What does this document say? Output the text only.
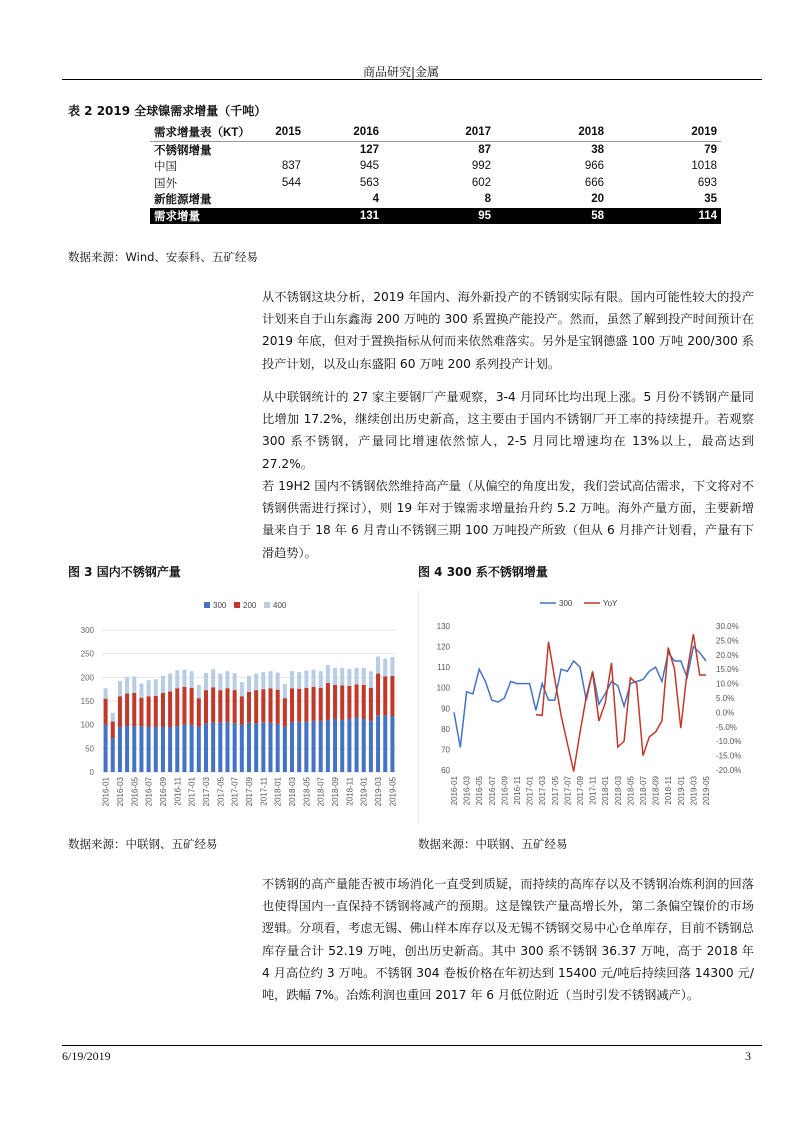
商品研究|金属
6/19/2019	3
表 2 2019 全球镍需求增量（千吨）
需求增量表（KT）	2015	2016	2017	2018	2019
不锈钢增量		127	87	38	79
中国	837	945	992	966	1018
国外	544	563	602	666	693
新能源增量		4	8	20	35
需求增量		131	95	58	114
数据来源：Wind、安泰科、五矿经易
从不锈钢这块分析，2019 年国内、海外新投产的不锈钢实际有限。国内可能性较大的投产计划来自于山东鑫海 200 万吨的 300 系置换产能投产。然而，虽然了解到投产时间预计在 2019 年底，但对于置换指标从何而来依然难落实。另外是宝钢德盛 100 万吨 200/300 系投产计划，以及山东盛阳 60 万吨 200 系列投产计划。
从中联钢统计的 27 家主要钢厂产量观察，3-4 月同环比均出现上涨。5 月份不锈钢产量同比增加 17.2%，继续创出历史新高，这主要由于国内不锈钢厂开工率的持续提升。若观察 300 系不锈钢，产量同比增速依然惊人，2-5 月同比增速均在 13%以上，最高达到 27.2%。
若 19H2 国内不锈钢依然维持高产量（从偏空的角度出发，我们尝试高估需求，下文将对不锈钢供需进行探讨），则 19 年对于镍需求增量抬升约 5.2 万吨。海外产量方面，主要新增量来自于 18 年 6 月青山不锈钢三期 100 万吨投产所致（但从 6 月排产计划看，产量有下滑趋势）。
图 3 国内不锈钢产量
0
50
100
150
200
250
300
300 200 400
2016-01 2016-03 2016-05 2016-07 2016-09 2016-11 2017-01 2017-03 2017-05 2017-07 2017-09 2017-11 2018-01 2018-03 2018-05 2018-07 2018-09 2018-11 2019-01 2019-03 2019-05
数据来源：中联钢、五矿经易
图 4 300 系不锈钢增量
60
70
80
90
100
110
120
130
-20.0%
-15.0%
-10.0%
-5.0%
0.0%
5.0%
10.0%
15.0%
20.0%
25.0%
30.0%
300	YoY
2016-01 2016-03 2016-05 2016-07 2016-09 2016-11 2017-01 2017-03 2017-05 2017-07 2017-09 2017-11 2018-01 2018-03 2018-05 2018-07 2018-09 2018-11 2019-01 2019-03 2019-05
数据来源：中联钢、五矿经易
不锈钢的高产量能否被市场消化一直受到质疑，而持续的高库存以及不锈钢冶炼利润的回落也使得国内一直保持不锈钢将减产的预期。这是镍铁产量高增长外，第二条偏空镍价的市场逻辑。分项看，考虑无锡、佛山样本库存以及无锡不锈钢交易中心仓单库存，目前不锈钢总库存量合计 52.19 万吨，创出历史新高。其中 300 系不锈钢 36.37 万吨，高于 2018 年 4 月高位约 3 万吨。不锈钢 304 卷板价格在年初达到 15400 元/吨后持续回落 14300 元/吨，跌幅 7%。冶炼利润也重回 2017 年 6 月低位附近（当时引发不锈钢减产）。
